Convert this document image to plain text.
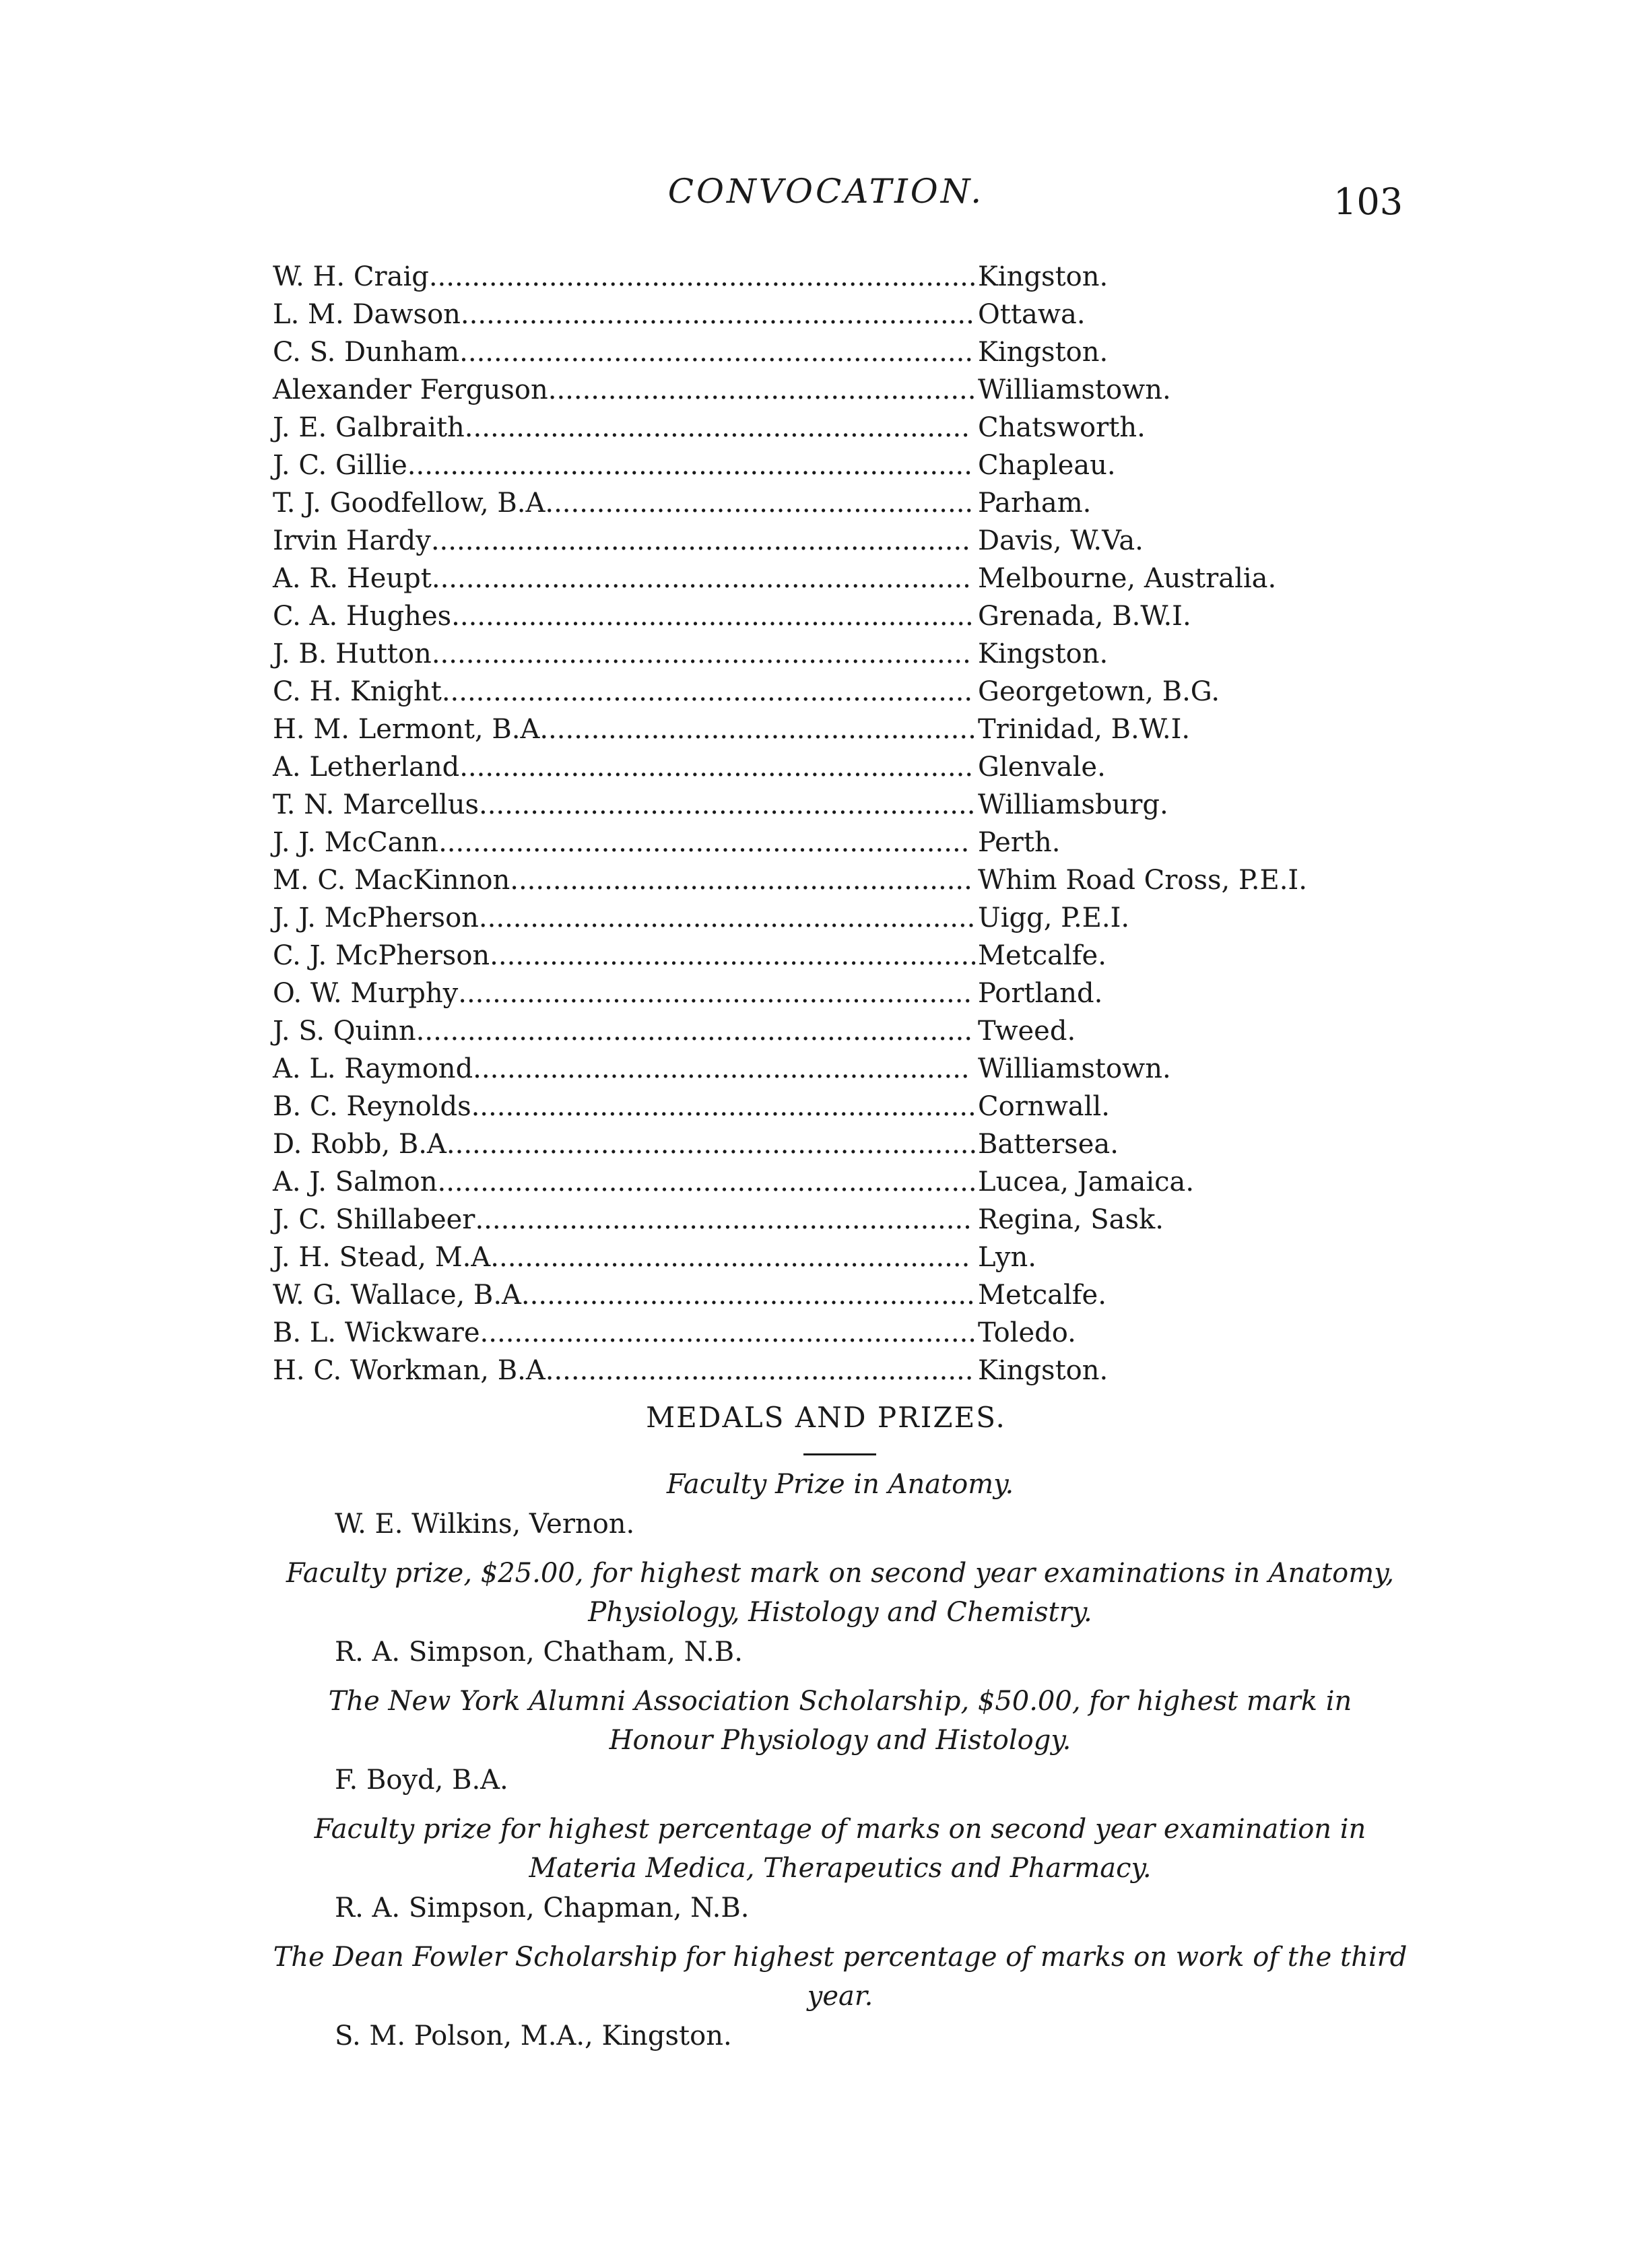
CONVOCATION.	103
W. H. Craig ................................................................ Kingston.
L. M. Dawson ............................................................ Ottawa.
C. S. Dunham ............................................................ Kingston.
Alexander Ferguson .................................................. Williamstown.
J. E. Galbraith ........................................................... Chatsworth.
J. C. Gillie .................................................................. Chapleau.
T. J. Goodfellow, B.A. ................................................. Parham.
Irvin Hardy ............................................................... Davis, W.Va.
A. R. Heupt ............................................................... Melbourne, Australia.
C. A. Hughes ............................................................. Grenada, B.W.I.
J. B. Hutton ............................................................... Kingston.
C. H. Knight .............................................................. Georgetown, B.G.
H. M. Lermont, B.A. .................................................. Trinidad, B.W.I.
A. Letherland ............................................................ Glenvale.
T. N. Marcellus .......................................................... Williamsburg.
J. J. McCann .............................................................. Perth.
M. C. MacKinnon ...................................................... Whim Road Cross, P.E.I.
J. J. McPherson .......................................................... Uigg, P.E.I.
C. J. McPherson ......................................................... Metcalfe.
O. W. Murphy ............................................................ Portland.
J. S. Quinn ................................................................. Tweed.
A. L. Raymond .......................................................... Williamstown.
B. C. Reynolds ........................................................... Cornwall.
D. Robb, B.A. ............................................................. Battersea.
A. J. Salmon ............................................................... Lucea, Jamaica.
J. C. Shillabeer .......................................................... Regina, Sask.
J. H. Stead, M.A. ....................................................... Lyn.
W. G. Wallace, B.A. .................................................... Metcalfe.
B. L. Wickware .......................................................... Toledo.
H. C. Workman, B.A. ................................................. Kingston.
MEDALS AND PRIZES.
Faculty Prize in Anatomy.
W. E. Wilkins, Vernon.
Faculty prize, $25.00, for highest mark on second year examinations in Anatomy, Physiology, Histology and Chemistry.
R. A. Simpson, Chatham, N.B.
The New York Alumni Association Scholarship, $50.00, for highest mark in Honour Physiology and Histology.
F. Boyd, B.A.
Faculty prize for highest percentage of marks on second year examination in Materia Medica, Therapeutics and Pharmacy.
R. A. Simpson, Chapman, N.B.
The Dean Fowler Scholarship for highest percentage of marks on work of the third year.
S. M. Polson, M.A., Kingston.
